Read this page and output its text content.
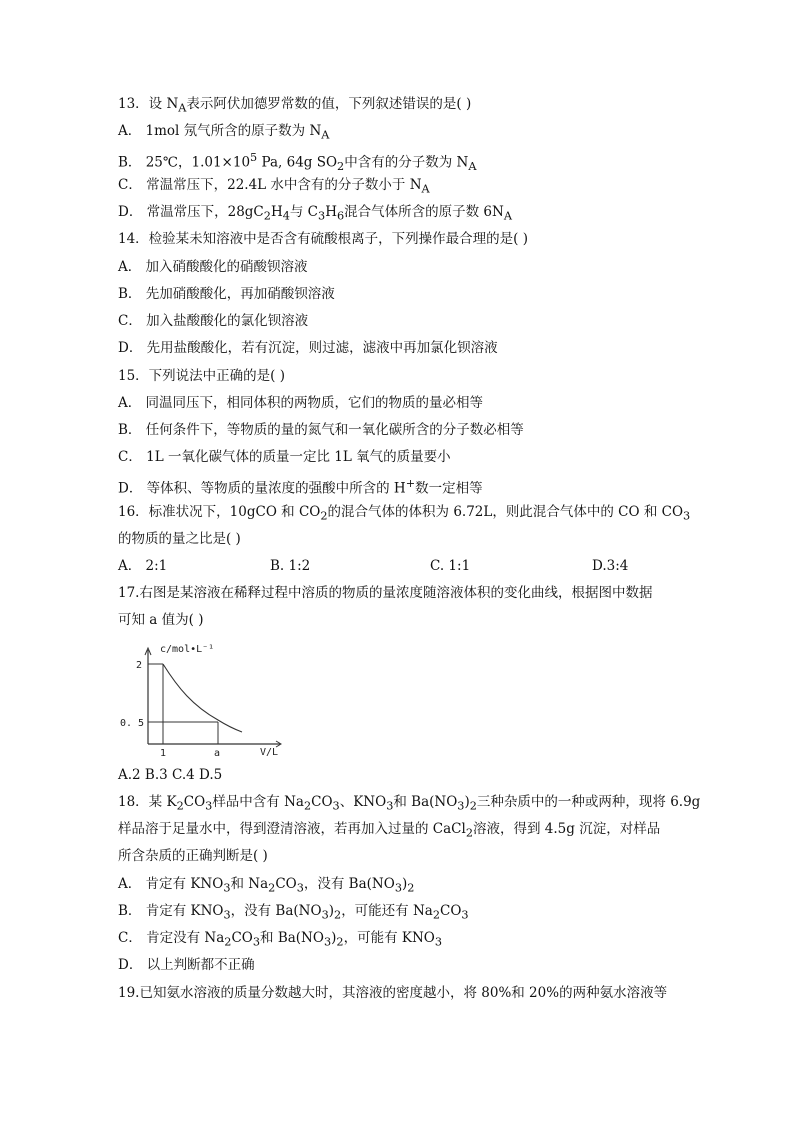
13．设 $N_A$表示阿伏加德罗常数的值，下列叙述错误的是( )
A． 1mol 氖气所含的原子数为 $N_A$
B． 25℃，$1.01\times 10^5$ Pa, 64g $SO_2$中含有的分子数为 $N_A$
C． 常温常压下，22.4L 水中含有的分子数小于 $N_A$
D． 常温常压下，$28gC_2H_4$与 $C_3H_6$混合气体所含的原子数 $6N_A$
14．检验某未知溶液中是否含有硫酸根离子，下列操作最合理的是( )
A． 加入硝酸酸化的硝酸钡溶液
B． 先加硝酸酸化，再加硝酸钡溶液
C． 加入盐酸酸化的氯化钡溶液
D． 先用盐酸酸化，若有沉淀，则过滤，滤液中再加氯化钡溶液
15．下列说法中正确的是( )
A． 同温同压下，相同体积的两物质，它们的物质的量必相等
B． 任何条件下，等物质的量的氮气和一氧化碳所含的分子数必相等
C． 1L 一氧化碳气体的质量一定比 1L 氧气的质量要小
D． 等体积、等物质的量浓度的强酸中所含的 H+数一定相等
16．标准状况下，10gCO 和 $CO_2$的混合气体的体积为 6.72L，则此混合气体中的 CO 和 $CO_3$
的物质的量之比是( )
A． 2:1	B. 1:2	C. 1:1	D.3:4
17.右图是某溶液在稀释过程中溶质的物质的量浓度随溶液体积的变化曲线，根据图中数据
可知 a 值为( )
c/mol•L⁻¹
V/L
2
0. 5
1	a
A.2 B.3 C.4 D.5
18．某 $K_2CO_3$样品中含有 $Na_2CO_3$、$KNO_3$和 $Ba(NO_3)_2$三种杂质中的一种或两种，现将 6.9g
样品溶于足量水中，得到澄清溶液，若再加入过量的 CaCl$_2$溶液，得到 4.5g 沉淀，对样品
所含杂质的正确判断是( )
A． 肯定有 $KNO_3$和 $Na_2CO_3$，没有 $Ba(NO_3)_2$
B． 肯定有 $KNO_3$，没有 $Ba(NO_3)_2$，可能还有 $Na_2CO_3$
C． 肯定没有 $Na_2CO_3$和 $Ba(NO_3)_2$，可能有 $KNO_3$
D． 以上判断都不正确
19.已知氨水溶液的质量分数越大时，其溶液的密度越小，将 80%和 20%的两种氨水溶液等
